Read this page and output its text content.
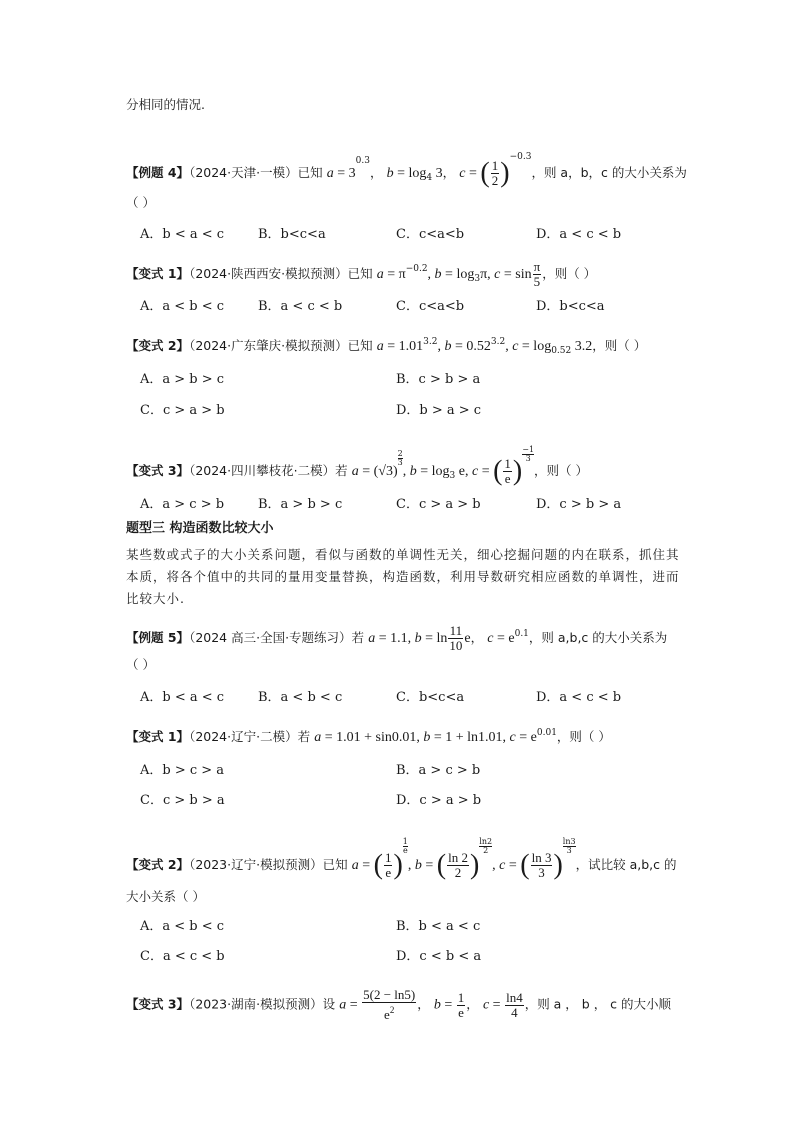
分相同的情况.
【例题 4】（2024·天津·一模）已知 a = 30.3， $b = \log_4 3$， c = ( $\frac{1}{2} )-0.3$，则 a，b，c 的大小关系为
（ ）
A．b < a < c	B．b<c<a	C．c<a<b	D．a < c < b
【变式 1】（2024·陕西西安·模拟预测）已知 a = π−0.2, $b = \log_3\pi$, $c = \sin \frac{\pi}{5}$ ，则（ ）
A．a < b < c	B．a < c < b	C．c<a<b	D．b<c<a
【变式 2】（2024·广东肇庆·模拟预测）已知 $a = 1.01^{3.2}$, $b = 0.52^{3.2}$, $c = \log_{0.52} 3.2$，则（ ）
A．a > b > c	B．c > b > a
C．c > a > b	D．b > a > c
【变式 3】（2024·四川攀枝花·二模）若 a = (√3)
$\frac{2}{3}$
, $b = \log_3 e$, c = ( $\frac{1}{e}$ )
$\frac{-1}{3}$
，则（ ）
A．a > c > b	B．a > b > c	C．c > a > b	D．c > b > a
题型三 构造函数比较大小
某些数或式子的大小关系问题，看似与函数的单调性无关，细心挖掘问题的内在联系，抓住其本质，将各个值中的共同的量用变量替换，构造函数，利用导数研究相应函数的单调性，进而比较大小.
【例题 5】（2024 高三·全国·专题练习）若 a = 1.1, $b = \ln \frac{11}{10}$ e， $c = e^{0.1}$，则 a,b,c 的大小关系为
（ ）
A．b < a < c	B．a < b < c	C．b<c<a	D．a < c < b
【变式 1】（2024·辽宁·二模）若 a = 1.01 + sin0.01, b = 1 + ln1.01, $c = e^{0.01}$，则（ ）
A．b > c > a	B．a > c > b
C．c > b > a	D．c > a > b
【变式 2】（2023·辽宁·模拟预测）已知 a = ( $\frac{1}{e}$ )
$\frac{1}{e}$
, b = ( $\frac{\ln 2}{2}$ )
$\frac{\ln 2}{2}$
, c = ( $\frac{\ln 3}{3}$ )
$\frac{\ln 3}{3}$
，试比较 a,b,c 的
大小关系（ ）
A．a < b < c	B．b < a < c
C．a < c < b	D．c < b < a
【变式 3】（2023·湖南·模拟预测）设 $a = \frac{5(2 - \ln 5)}{e^2}$ ， $b = \frac{1}{e}$ ， $c = \frac{\ln 4}{4}$ ，则 a ， b ， c 的大小顺
